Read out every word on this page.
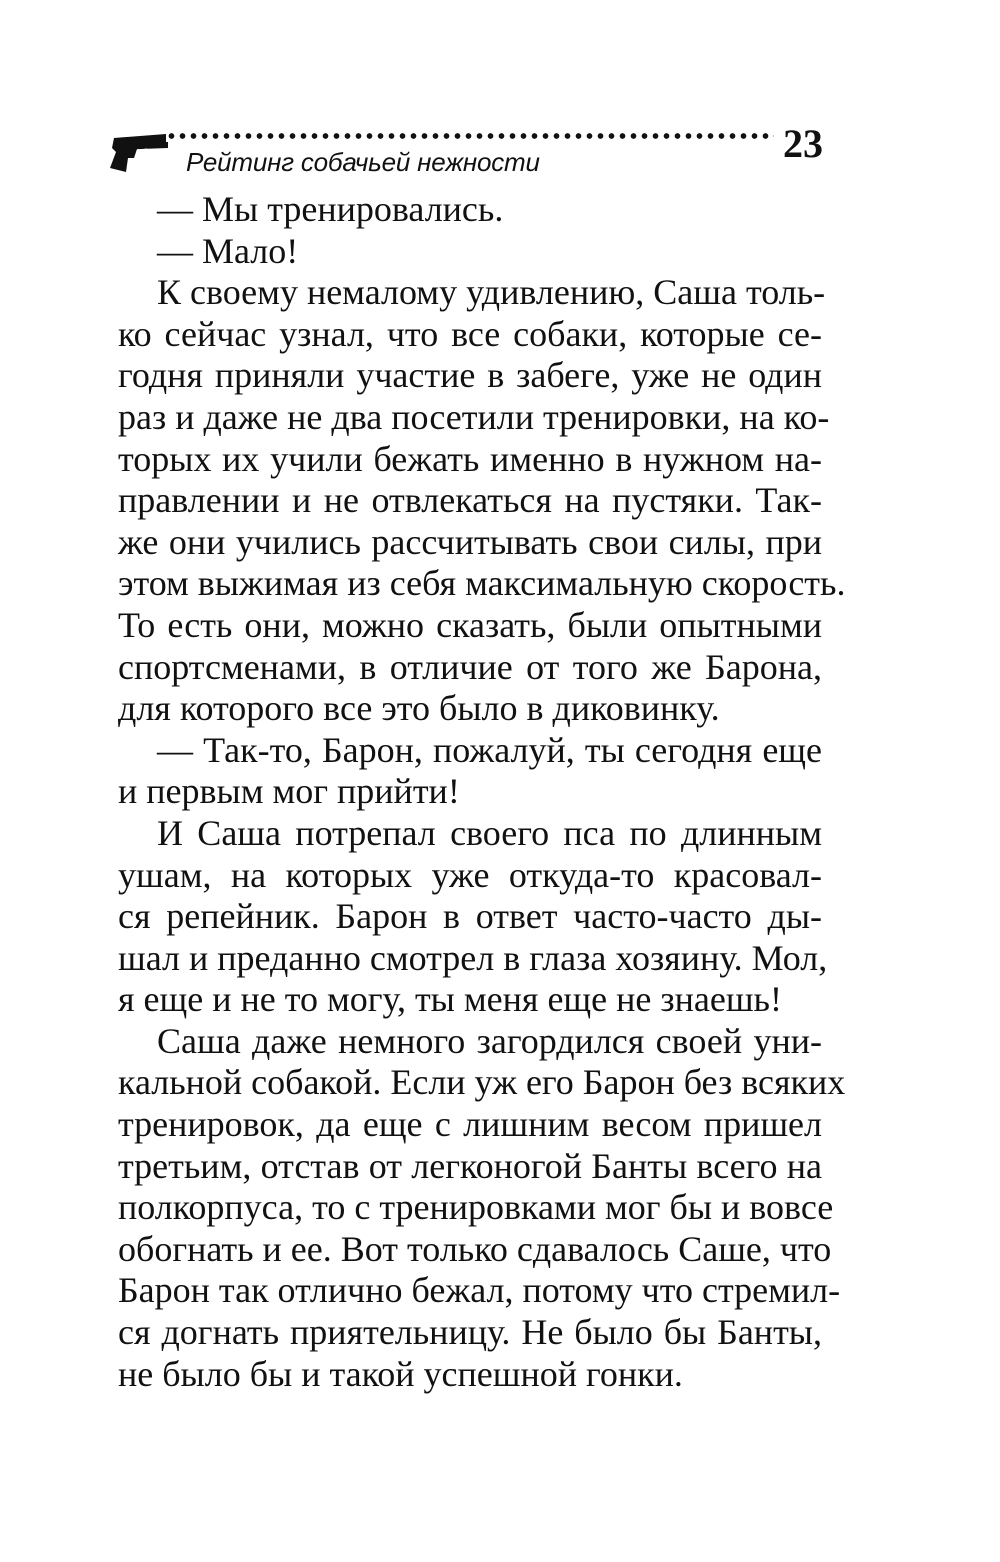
Рейтинг собачьей нежности	23
— Мы тренировались.
— Мало!
К своему немалому удивлению, Саша толь-
ко сейчас узнал, что все собаки, которые се-
годня приняли участие в забеге, уже не один
раз и даже не два посетили тренировки, на ко-
торых их учили бежать именно в нужном на-
правлении и не отвлекаться на пустяки. Так-
же они учились рассчитывать свои силы, при
этом выжимая из себя максимальную скорость.
То есть они, можно сказать, были опытными
спортсменами, в отличие от того же Барона,
для которого все это было в диковинку.
— Так-то, Барон, пожалуй, ты сегодня еще
и первым мог прийти!
И Саша потрепал своего пса по длинным
ушам, на которых уже откуда-то красовал-
ся репейник. Барон в ответ часто-часто ды-
шал и преданно смотрел в глаза хозяину. Мол,
я еще и не то могу, ты меня еще не знаешь!
Саша даже немного загордился своей уни-
кальной собакой. Если уж его Барон без всяких
тренировок, да еще с лишним весом пришел
третьим, отстав от легконогой Банты всего на
полкорпуса, то с тренировками мог бы и вовсе
обогнать и ее. Вот только сдавалось Саше, что
Барон так отлично бежал, потому что стремил-
ся догнать приятельницу. Не было бы Банты,
не было бы и такой успешной гонки.
